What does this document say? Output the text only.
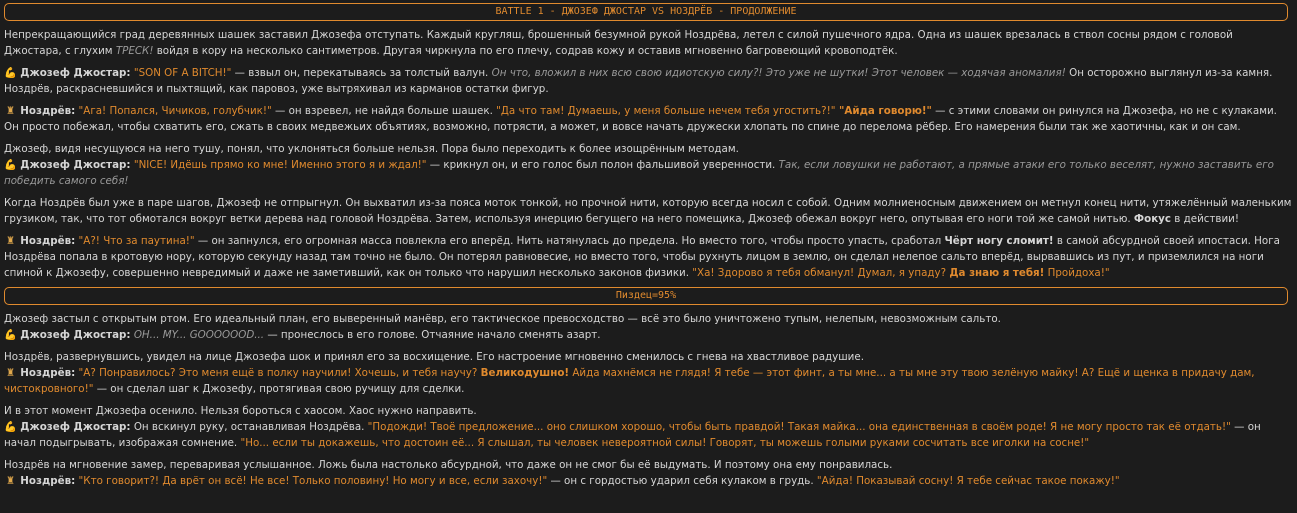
BATTLE 1 - ДЖОЗЕФ ДЖОСТАР VS НОЗДРЁВ - ПРОДОЛЖЕНИЕ

Непрекращающийся град деревянных шашек заставил Джозефа отступать. Каждый кругляш, брошенный безумной рукой Ноздрёва, летел с силой пушечного ядра. Одна из шашек врезалась в ствол сосны рядом с головой Джостара, с глухим ТРЕСК! войдя в кору на несколько сантиметров. Другая чиркнула по его плечу, содрав кожу и оставив мгновенно багровеющий кровоподтёк.

💪 Джозеф Джостар: "SON OF A BITCH!" — взвыл он, перекатываясь за толстый валун. Он что, вложил в них всю свою идиотскую силу?! Это уже не шутки! Этот человек — ходячая аномалия! Он осторожно выглянул из-за камня. Ноздрёв, раскрасневшийся и пыхтящий, как паровоз, уже вытряхивал из карманов остатки фигур.

♜ Ноздрёв: "Ага! Попался, Чичиков, голубчик!" — он взревел, не найдя больше шашек. "Да что там! Думаешь, у меня больше нечем тебя угостить?!" "Айда говорю!" — с этими словами он ринулся на Джозефа, но не с кулаками. Он просто побежал, чтобы схватить его, сжать в своих медвежьих объятиях, возможно, потрясти, а может, и вовсе начать дружески хлопать по спине до перелома рёбер. Его намерения были так же хаотичны, как и он сам.

Джозеф, видя несущуюся на него тушу, понял, что уклоняться больше нельзя. Пора было переходить к более изощрённым методам.

💪 Джозеф Джостар: "NICE! Идёшь прямо ко мне! Именно этого я и ждал!" — крикнул он, и его голос был полон фальшивой уверенности. Так, если ловушки не работают, а прямые атаки его только веселят, нужно заставить его победить самого себя!

Когда Ноздрёв был уже в паре шагов, Джозеф не отпрыгнул. Он выхватил из-за пояса моток тонкой, но прочной нити, которую всегда носил с собой. Одним молниеносным движением он метнул конец нити, утяжелённый маленьким грузиком, так, что тот обмотался вокруг ветки дерева над головой Ноздрёва. Затем, используя инерцию бегущего на него помещика, Джозеф обежал вокруг него, опутывая его ноги той же самой нитью. Фокус в действии!

♜ Ноздрёв: "А?! Что за паутина!" — он запнулся, его огромная масса повлекла его вперёд. Нить натянулась до предела. Но вместо того, чтобы просто упасть, сработал Чёрт ногу сломит! в самой абсурдной своей ипостаси. Нога Ноздрёва попала в кротовую нору, которую секунду назад там точно не было. Он потерял равновесие, но вместо того, чтобы рухнуть лицом в землю, он сделал нелепое сальто вперёд, вырвавшись из пут, и приземлился на ноги спиной к Джозефу, совершенно невредимый и даже не заметивший, как он только что нарушил несколько законов физики. "Ха! Здорово я тебя обманул! Думал, я упаду? Да знаю я тебя! Пройдоха!"

Пиздец=95%

Джозеф застыл с открытым ртом. Его идеальный план, его выверенный манёвр, его тактическое превосходство — всё это было уничтожено тупым, нелепым, невозможным сальто.

💪 Джозеф Джостар: ОН... MY... GOOOOOOD... — пронеслось в его голове. Отчаяние начало сменять азарт.

Ноздрёв, развернувшись, увидел на лице Джозефа шок и принял его за восхищение. Его настроение мгновенно сменилось с гнева на хвастливое радушие.

♜ Ноздрёв: "А? Понравилось? Это меня ещё в полку научили! Хочешь, и тебя научу? Великодушно! Айда махнёмся не глядя! Я тебе — этот финт, а ты мне... а ты мне эту твою зелёную майку! А? Ещё и щенка в придачу дам, чистокровного!" — он сделал шаг к Джозефу, протягивая свою ручищу для сделки.

И в этот момент Джозефа осенило. Нельзя бороться с хаосом. Хаос нужно направить.

💪 Джозеф Джостар: Он вскинул руку, останавливая Ноздрёва. "Подожди! Твоё предложение... оно слишком хорошо, чтобы быть правдой! Такая майка... она единственная в своём роде! Я не могу просто так её отдать!" — он начал подыгрывать, изображая сомнение. "Но... если ты докажешь, что достоин её... Я слышал, ты человек невероятной силы! Говорят, ты можешь голыми руками сосчитать все иголки на сосне!"

Ноздрёв на мгновение замер, переваривая услышанное. Ложь была настолько абсурдной, что даже он не смог бы её выдумать. И поэтому она ему понравилась.

♜ Ноздрёв: "Кто говорит?! Да врёт он всё! Не все! Только половину! Но могу и все, если захочу!" — он с гордостью ударил себя кулаком в грудь. "Айда! Показывай сосну! Я тебе сейчас такое покажу!"
